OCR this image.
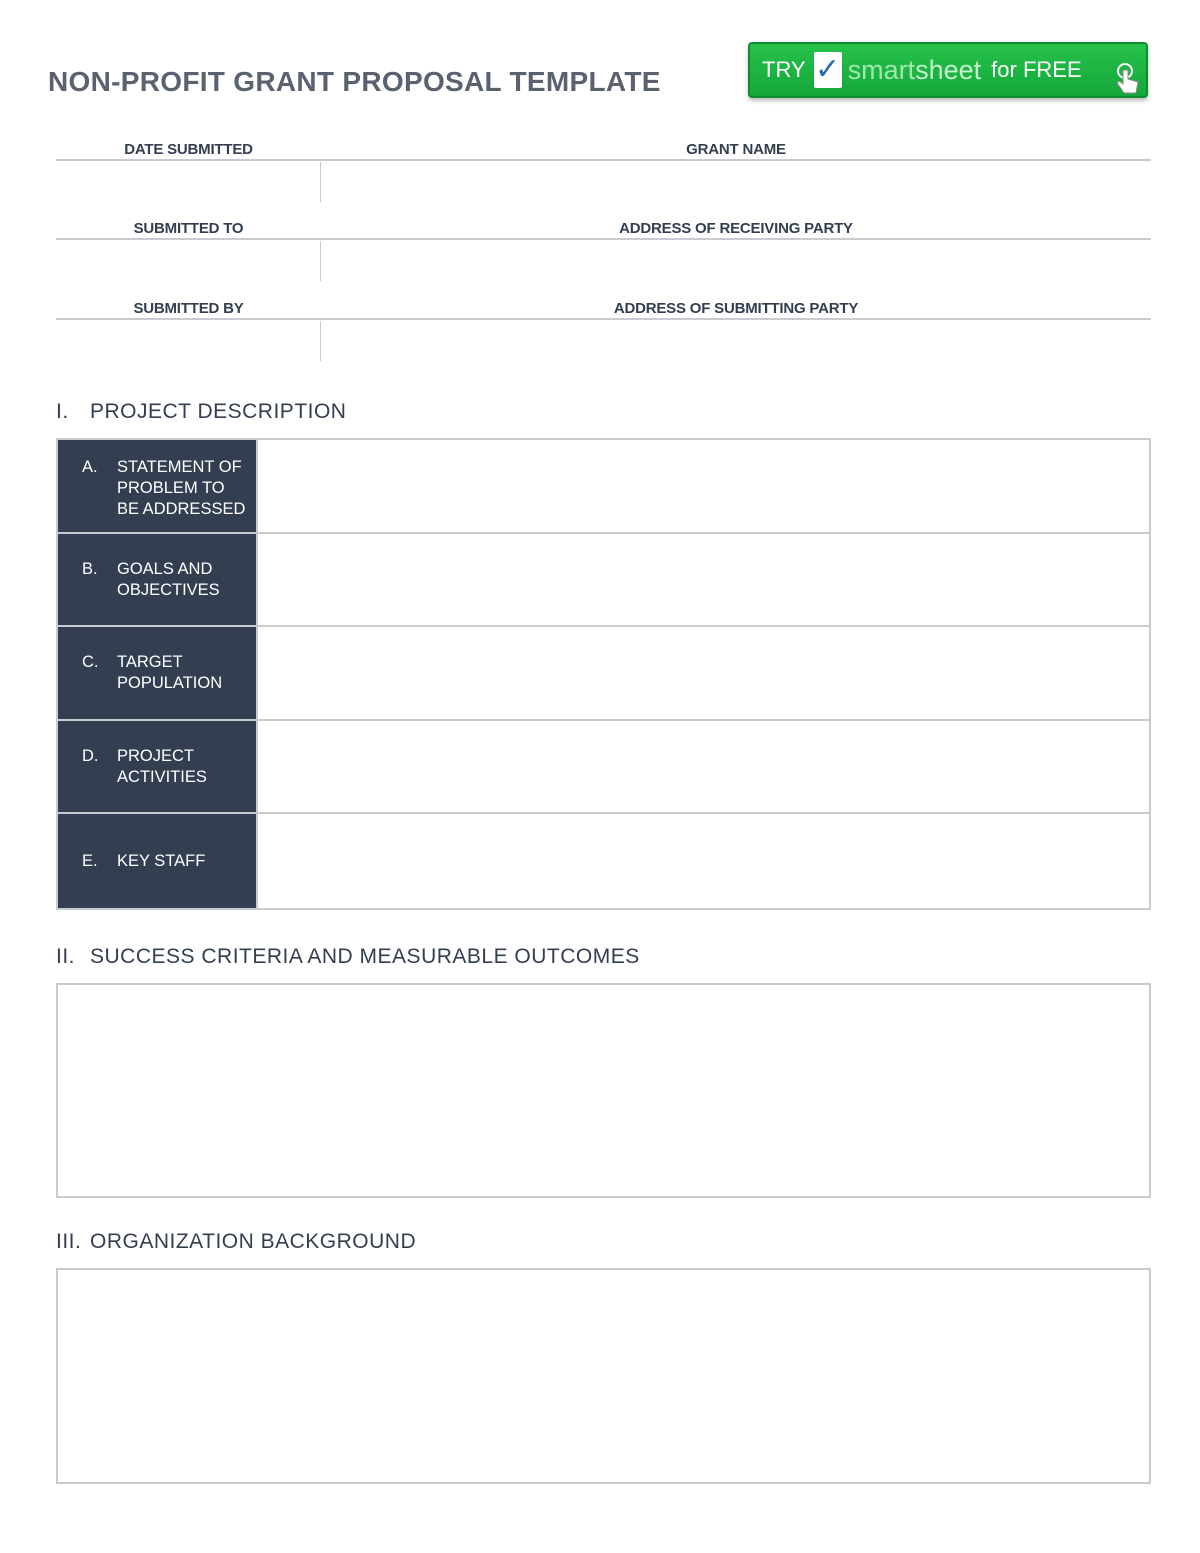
NON-PROFIT GRANT PROPOSAL TEMPLATE	TRY ✓ smartsheet for FREE
DATE SUBMITTED	GRANT NAME
SUBMITTED TO	ADDRESS OF RECEIVING PARTY
SUBMITTED BY	ADDRESS OF SUBMITTING PARTY
I. PROJECT DESCRIPTION
A.	STATEMENT OF PROBLEM TO BE ADDRESSED
B.	GOALS AND OBJECTIVES
C.	TARGET POPULATION
D.	PROJECT ACTIVITIES
E.	KEY STAFF
II. SUCCESS CRITERIA AND MEASURABLE OUTCOMES
III. ORGANIZATION BACKGROUND
